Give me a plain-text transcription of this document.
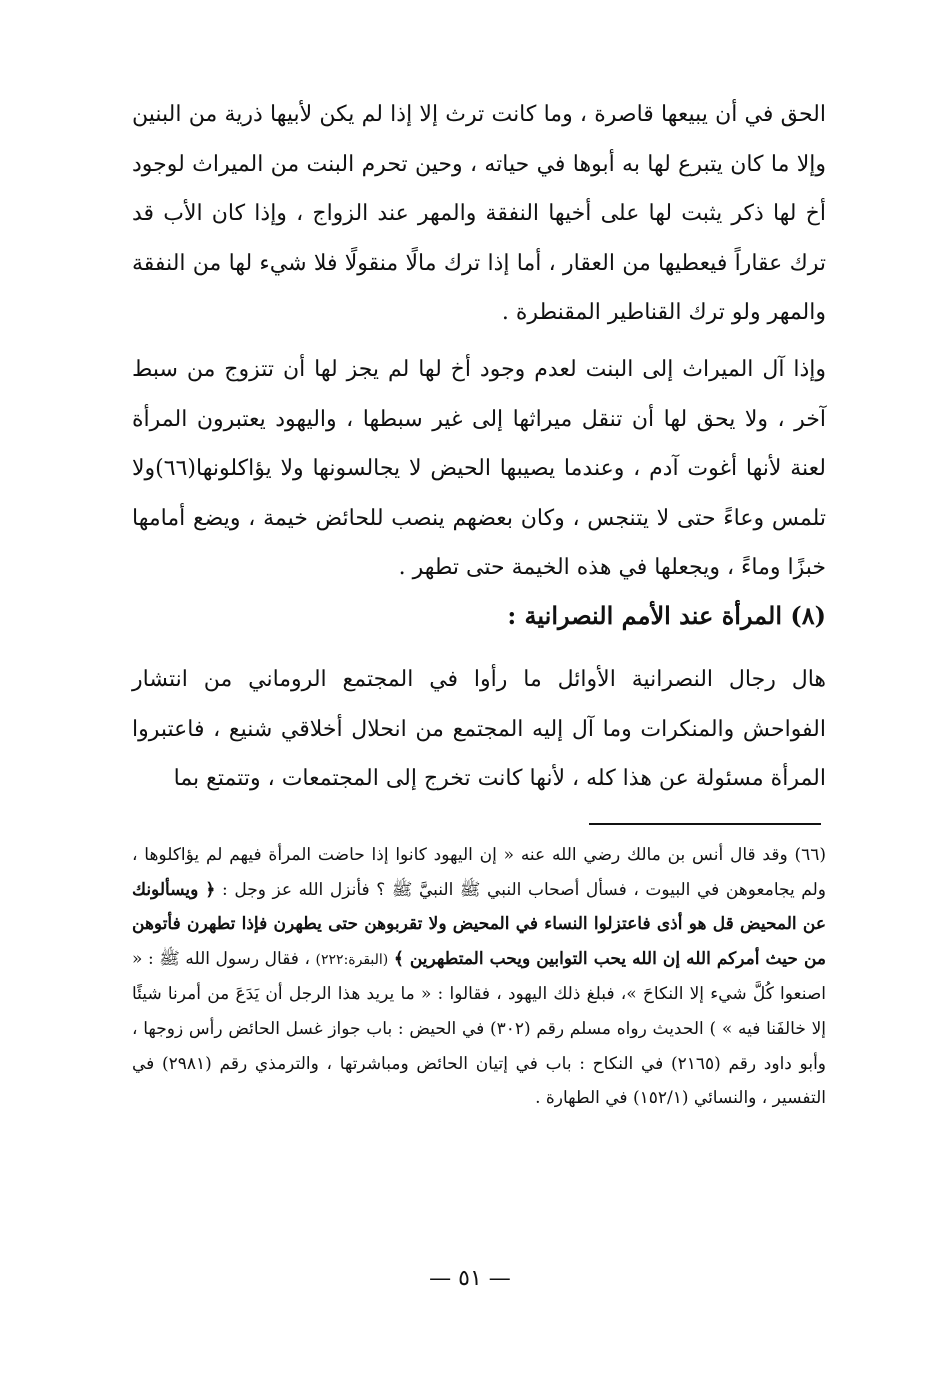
الحق في أن يبيعها قاصرة ، وما كانت ترث إلا إذا لم يكن لأبيها ذرية من البنين وإلا ما كان يتبرع لها به أبوها في حياته ، وحين تحرم البنت من الميراث لوجود أخ لها ذكر يثبت لها على أخيها النفقة والمهر عند الزواج ، وإذا كان الأب قد ترك عقاراً فيعطيها من العقار ، أما إذا ترك مالًا منقولًا فلا شيء لها من النفقة والمهر ولو ترك القناطير المقنطرة .

وإذا آل الميراث إلى البنت لعدم وجود أخ لها لم يجز لها أن تتزوج من سبط آخر ، ولا يحق لها أن تنقل ميراثها إلى غير سبطها ، واليهود يعتبرون المرأة لعنة لأنها أغوت آدم ، وعندما يصيبها الحيض لا يجالسونها ولا يؤاكلونها(٦٦)ولا تلمس وعاءً حتى لا يتنجس ، وكان بعضهم ينصب للحائض خيمة ، ويضع أمامها خبزًا وماءً ، ويجعلها في هذه الخيمة حتى تطهر .

(٨) المرأة عند الأمم النصرانية :

هال رجال النصرانية الأوائل ما رأوا في المجتمع الروماني من انتشار الفواحش والمنكرات وما آل إليه المجتمع من انحلال أخلاقي شنيع ، فاعتبروا المرأة مسئولة عن هذا كله ، لأنها كانت تخرج إلى المجتمعات ، وتتمتع بما

(٦٦) وقد قال أنس بن مالك رضي الله عنه « إن اليهود كانوا إذا حاضت المرأة فيهم لم يؤاكلوها ، ولم يجامعوهن في البيوت ، فسأل أصحاب النبي ﷺ النبيَّ ﷺ ؟ فأنزل الله عز وجل : ﴿ ويسألونك عن المحيض قل هو أذى فاعتزلوا النساء في المحيض ولا تقربوهن حتى يطهرن فإذا تطهرن فأتوهن من حيث أمركم الله إن الله يحب التوابين ويحب المتطهرين ﴾ (البقرة:٢٢٢) ، فقال رسول الله ﷺ : « اصنعوا كُلَّ شيء إلا النكاحَ »، فبلغ ذلك اليهود ، فقالوا : « ما يريد هذا الرجل أن يَدَعَ من أمرنا شيئًا إلا خالفَنا فيه » ) الحديث رواه مسلم رقم (٣٠٢) في الحيض : باب جواز غسل الحائض رأس زوجها ، وأبو داود رقم (٢١٦٥) في النكاح : باب في إتيان الحائض ومباشرتها ، والترمذي رقم (٢٩٨١) في التفسير ، والنسائي (١٥٢/١) في الطهارة .

— ٥١ —
